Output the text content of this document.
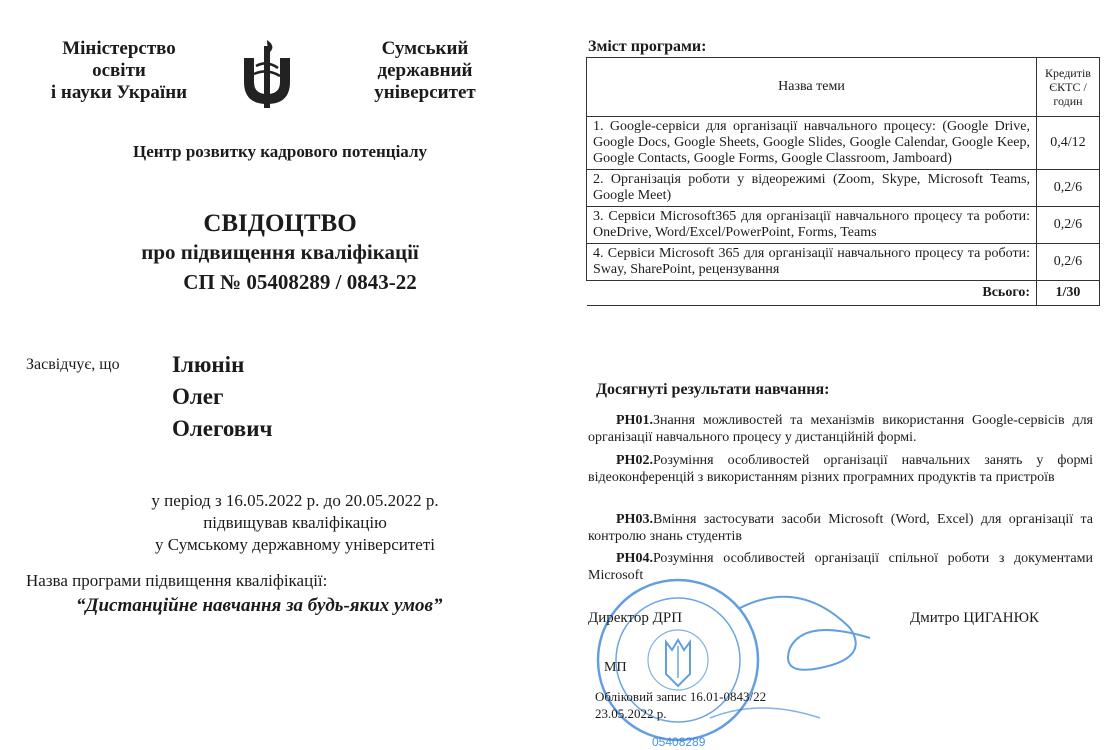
Міністерство
освіти
і науки України
Сумський
державний
університет
Центр розвитку кадрового потенціалу
СВІДОЦТВО
про підвищення кваліфікації
СП № 05408289 / 0843-22
Засвідчує, що Ілюнін
Олег
Олегович
у період з 16.05.2022 р. до 20.05.2022 р.
підвищував кваліфікацію
у Сумському державному університеті
Назва програми підвищення кваліфікації:
“Дистанційне навчання за будь-яких умов”
Зміст програми:
Назва теми	Кредитів ЄКТС / годин
1. Google-сервіси для організації навчального процесу: (Google Drive, Google Docs, Google Sheets, Google Slides, Google Calendar, Google Keep, Google Contacts, Google Forms, Google Classroom, Jamboard)	0,4/12
2. Організація роботи у відеорежимі (Zoom, Skype, Microsoft Teams, Google Meet)	0,2/6
3. Сервіси Microsoft365 для організації навчального процесу та роботи: OneDrive, Word/Excel/PowerPoint, Forms, Teams	0,2/6
4. Сервіси Microsoft 365 для організації навчального процесу та роботи: Sway, SharePoint, рецензування	0,2/6
Всього:	1/30
Досягнуті результати навчання:
РН01.Знання можливостей та механізмів використання Google-сервісів для організації навчального процесу у дистанційній формі.
РН02.Розуміння особливостей організації навчальних занять у формі відеоконференцій з використанням різних програмних продуктів та пристроїв
РН03.Вміння застосувати засоби Microsoft (Word, Excel) для організації та контролю знань студентів
РН04.Розуміння особливостей організації спільної роботи з документами Microsoft
05408289
Директор ДРП	Дмитро ЦИГАНЮК
МП
Обліковий запис 16.01-0843/22
23.05.2022 р.
